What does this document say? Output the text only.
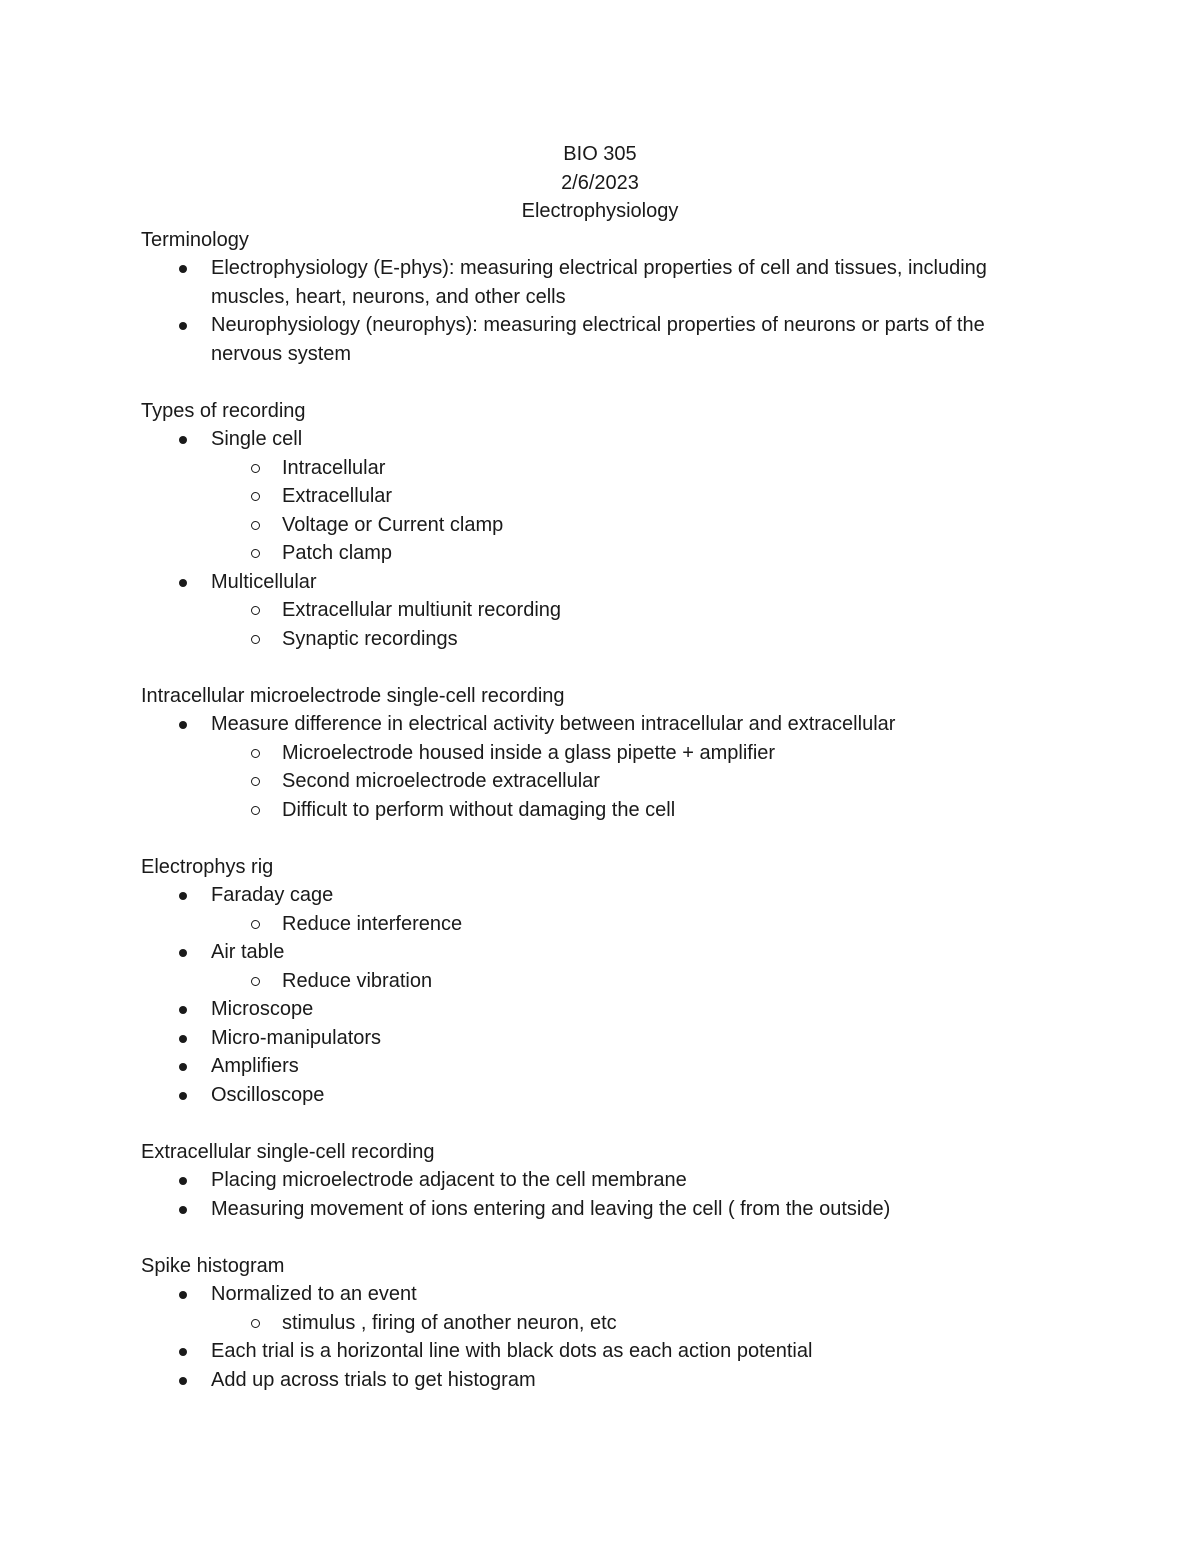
BIO 305

2/6/2023

Electrophysiology

Terminology

Electrophysiology (E-phys): measuring electrical properties of cell and tissues, including muscles, heart, neurons, and other cells
Neurophysiology (neurophys): measuring electrical properties of neurons or parts of the nervous system

Types of recording

Single cell
Intracellular
Extracellular
Voltage or Current clamp
Patch clamp
Multicellular
Extracellular multiunit recording
Synaptic recordings

Intracellular microelectrode single-cell recording

Measure difference in electrical activity between intracellular and extracellular
Microelectrode housed inside a glass pipette + amplifier
Second microelectrode extracellular
Difficult to perform without damaging the cell

Electrophys rig

Faraday cage
Reduce interference
Air table
Reduce vibration
Microscope
Micro-manipulators
Amplifiers
Oscilloscope

Extracellular single-cell recording

Placing microelectrode adjacent to the cell membrane
Measuring movement of ions entering and leaving the cell ( from the outside)

Spike histogram

Normalized to an event
stimulus , firing of another neuron, etc
Each trial is a horizontal line with black dots as each action potential
Add up across trials to get histogram
